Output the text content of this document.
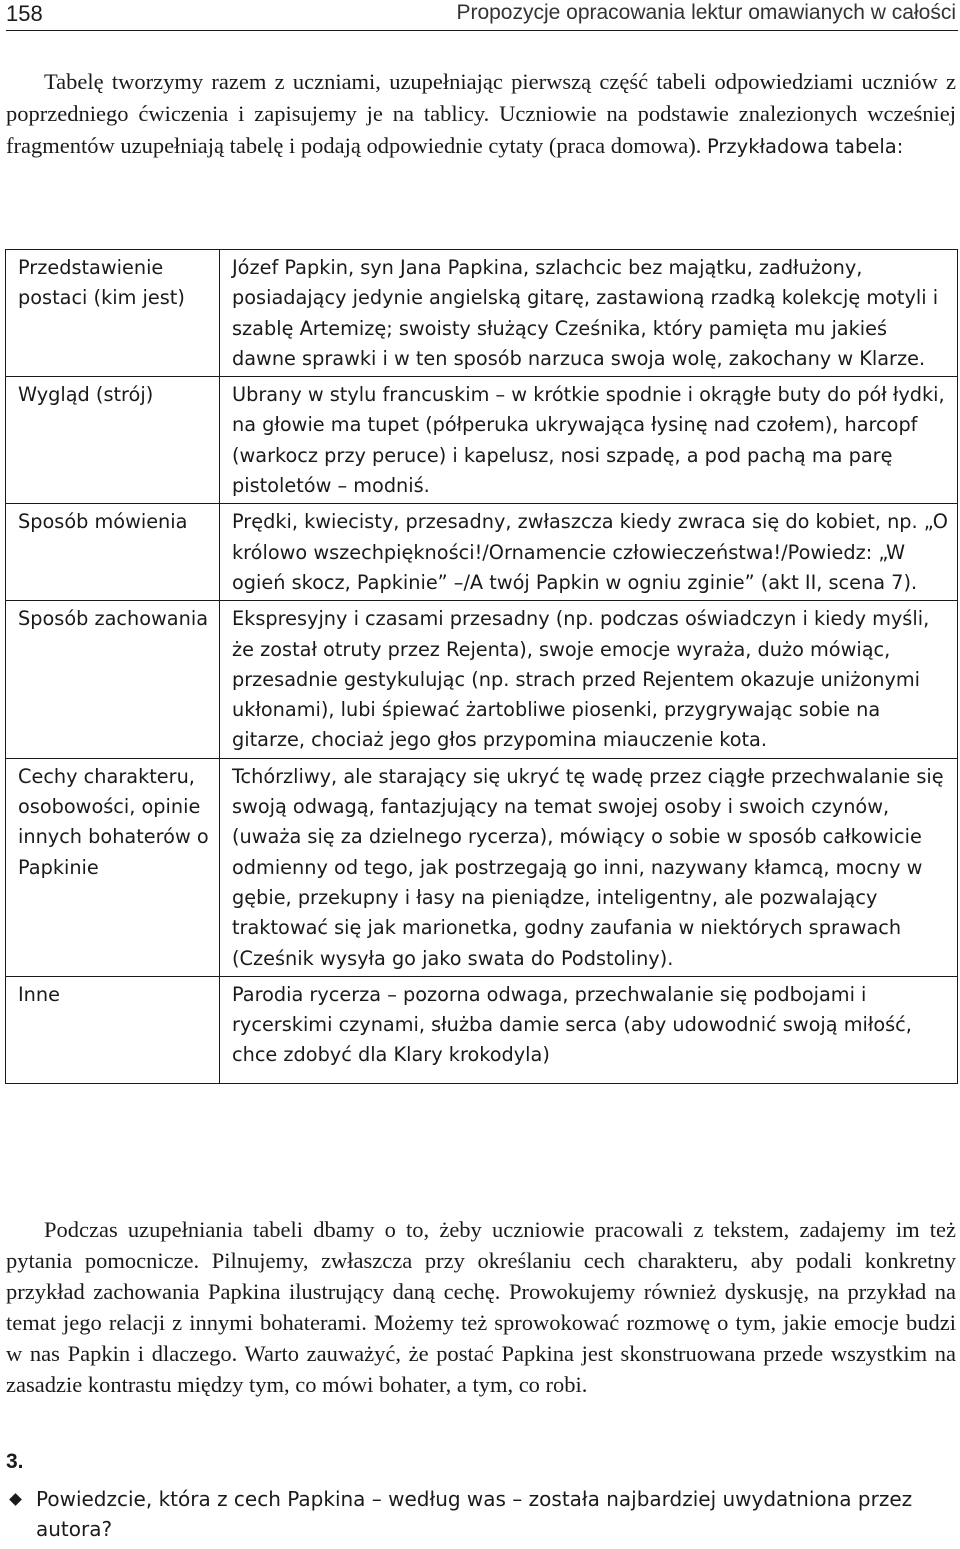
158	Propozycje opracowania lektur omawianych w całości

Tabelę tworzymy razem z uczniami, uzupełniając pierwszą część tabeli odpowiedziami uczniów z poprzedniego ćwiczenia i zapisujemy je na tablicy. Uczniowie na podstawie znalezionych wcześniej fragmentów uzupełniają tabelę i podają odpowiednie cytaty (praca domowa). Przykładowa tabela:

Przedstawienie postaci (kim jest)	Józef Papkin, syn Jana Papkina, szlachcic bez majątku, zadłużony, posiadający jedynie angielską gitarę, zastawioną rzadką kolekcję motyli i szablę Artemizę; swoisty służący Cześnika, który pamięta mu jakieś dawne sprawki i w ten sposób narzuca swoja wolę, zakochany w Klarze.
Wygląd (strój)	Ubrany w stylu francuskim – w krótkie spodnie i okrągłe buty do pół łydki, na głowie ma tupet (półperuka ukrywająca łysinę nad czołem), harcopf (warkocz przy peruce) i kapelusz, nosi szpadę, a pod pachą ma parę pistoletów – modniś.
Sposób mówienia	Prędki, kwiecisty, przesadny, zwłaszcza kiedy zwraca się do kobiet, np. „O królowo wszechpiękności!/Ornamencie człowieczeństwa!/Powiedz: „W ogień skocz, Papkinie” –/A twój Papkin w ogniu zginie” (akt II, scena 7).
Sposób zachowania	Ekspresyjny i czasami przesadny (np. podczas oświadczyn i kiedy myśli, że został otruty przez Rejenta), swoje emocje wyraża, dużo mówiąc, przesadnie gestykulując (np. strach przed Rejentem okazuje uniżonymi ukłonami), lubi śpiewać żartobliwe piosenki, przygrywając sobie na gitarze, chociaż jego głos przypomina miauczenie kota.
Cechy charakteru, osobowości, opinie innych bohaterów o Papkinie	Tchórzliwy, ale starający się ukryć tę wadę przez ciągłe przechwalanie się swoją odwagą, fantazjujący na temat swojej osoby i swoich czynów, (uważa się za dzielnego rycerza), mówiący o sobie w sposób całkowicie odmienny od tego, jak postrzegają go inni, nazywany kłamcą, mocny w gębie, przekupny i łasy na pieniądze, inteligentny, ale pozwalający traktować się jak marionetka, godny zaufania w niektórych sprawach (Cześnik wysyła go jako swata do Podstoliny).
Inne	Parodia rycerza – pozorna odwaga, przechwalanie się podbojami i rycerskimi czynami, służba damie serca (aby udowodnić swoją miłość, chce zdobyć dla Klary krokodyla)

Podczas uzupełniania tabeli dbamy o to, żeby uczniowie pracowali z tekstem, zadajemy im też pytania pomocnicze. Pilnujemy, zwłaszcza przy określaniu cech charakteru, aby podali konkretny przykład zachowania Papkina ilustrujący daną cechę. Prowokujemy również dyskusję, na przykład na temat jego relacji z innymi bohaterami. Możemy też sprowokować rozmowę o tym, jakie emocje budzi w nas Papkin i dlaczego. Warto zauważyć, że postać Papkina jest skonstruowana przede wszystkim na zasadzie kontrastu między tym, co mówi bohater, a tym, co robi.

3.
Powiedzcie, która z cech Papkina – według was – została najbardziej uwydatniona przez autora?
